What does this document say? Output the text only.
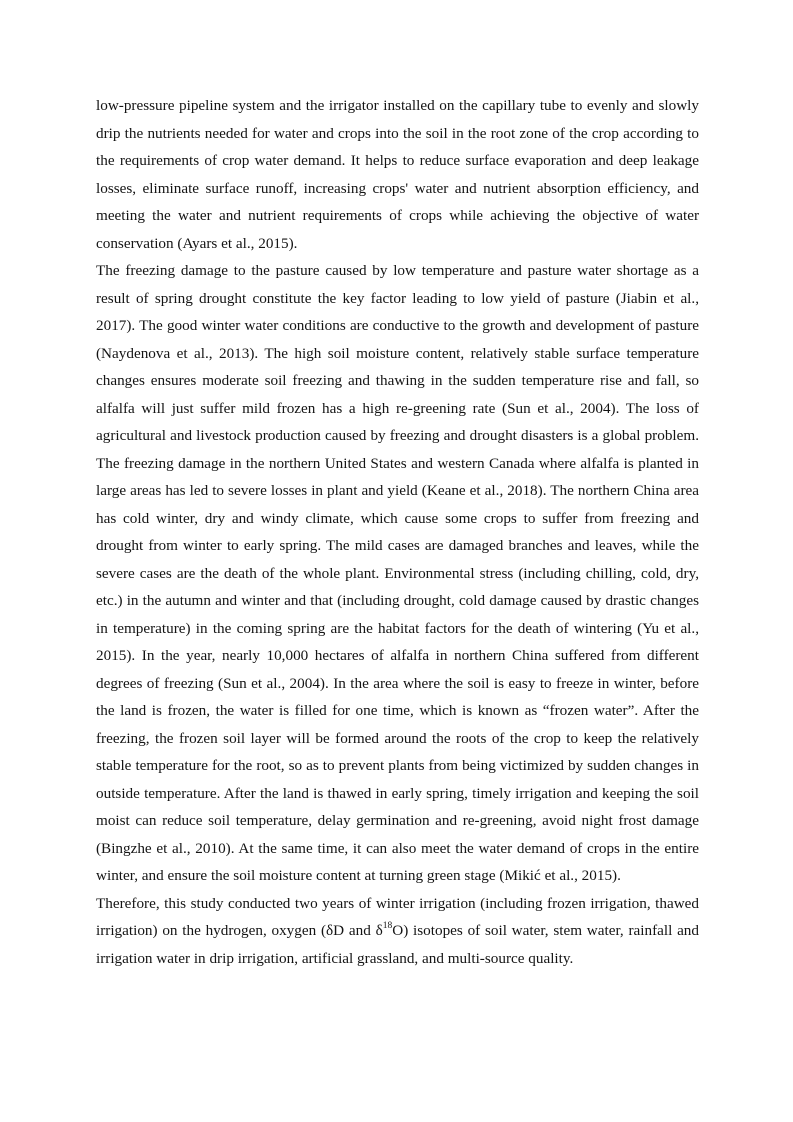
low-pressure pipeline system and the irrigator installed on the capillary tube to evenly and slowly drip the nutrients needed for water and crops into the soil in the root zone of the crop according to the requirements of crop water demand. It helps to reduce surface evaporation and deep leakage losses, eliminate surface runoff, increasing crops' water and nutrient absorption efficiency, and meeting the water and nutrient requirements of crops while achieving the objective of water conservation (Ayars et al., 2015).

The freezing damage to the pasture caused by low temperature and pasture water shortage as a result of spring drought constitute the key factor leading to low yield of pasture (Jiabin et al., 2017). The good winter water conditions are conductive to the growth and development of pasture (Naydenova et al., 2013). The high soil moisture content, relatively stable surface temperature changes ensures moderate soil freezing and thawing in the sudden temperature rise and fall, so alfalfa will just suffer mild frozen has a high re-greening rate (Sun et al., 2004). The loss of agricultural and livestock production caused by freezing and drought disasters is a global problem. The freezing damage in the northern United States and western Canada where alfalfa is planted in large areas has led to severe losses in plant and yield (Keane et al., 2018). The northern China area has cold winter, dry and windy climate, which cause some crops to suffer from freezing and drought from winter to early spring. The mild cases are damaged branches and leaves, while the severe cases are the death of the whole plant. Environmental stress (including chilling, cold, dry, etc.) in the autumn and winter and that (including drought, cold damage caused by drastic changes in temperature) in the coming spring are the habitat factors for the death of wintering (Yu et al., 2015). In the year, nearly 10,000 hectares of alfalfa in northern China suffered from different degrees of freezing (Sun et al., 2004). In the area where the soil is easy to freeze in winter, before the land is frozen, the water is filled for one time, which is known as “frozen water”. After the freezing, the frozen soil layer will be formed around the roots of the crop to keep the relatively stable temperature for the root, so as to prevent plants from being victimized by sudden changes in outside temperature. After the land is thawed in early spring, timely irrigation and keeping the soil moist can reduce soil temperature, delay germination and re-greening, avoid night frost damage (Bingzhe et al., 2010). At the same time, it can also meet the water demand of crops in the entire winter, and ensure the soil moisture content at turning green stage (Mikić et al., 2015).

Therefore, this study conducted two years of winter irrigation (including frozen irrigation, thawed irrigation) on the hydrogen, oxygen (δD and $\delta^{18}O$) isotopes of soil water, stem water, rainfall and irrigation water in drip irrigation, artificial grassland, and multi-source quality.
